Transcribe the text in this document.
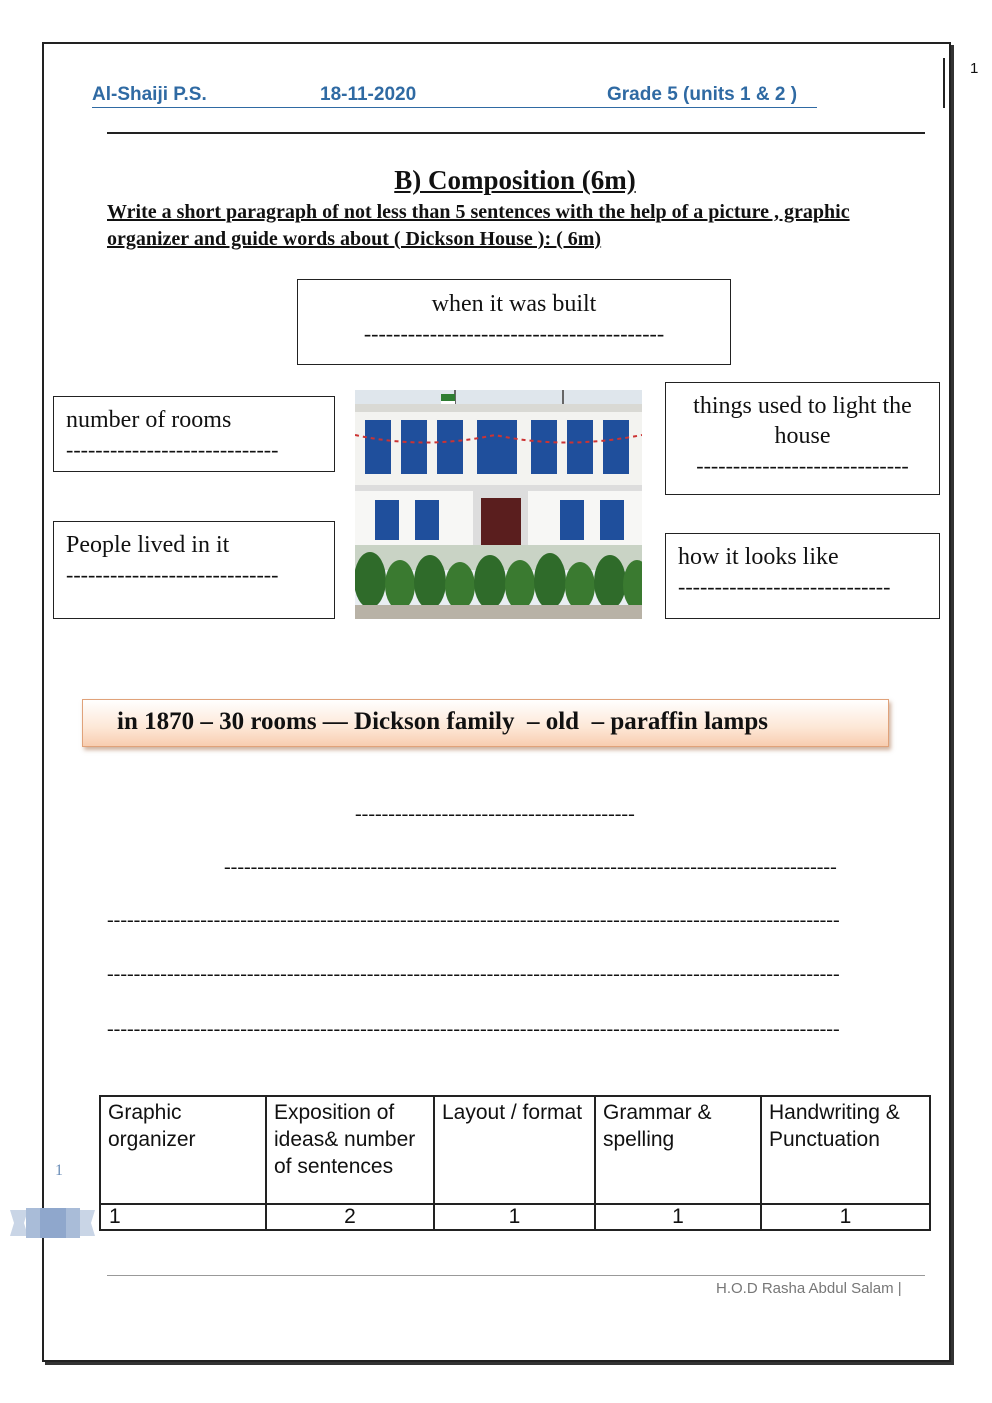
1
Al-Shaiji P.S.	18-11-2020	Grade 5 (units 1 & 2 )
B) Composition (6m)
Write a short paragraph of not less than 5 sentences with the help of a picture , graphic organizer and guide words about ( Dickson House ): ( 6m)
when it was built
-----------------------------------------
number of rooms
-----------------------------
People lived in it
-----------------------------
things used to light the house
-----------------------------
how it looks like
-----------------------------
in 1870 – 30 rooms — Dickson family  – old  – paraffin lamps
------------------------------------------
--------------------------------------------------------------------------------------------
--------------------------------------------------------------------------------------------------------------
--------------------------------------------------------------------------------------------------------------
--------------------------------------------------------------------------------------------------------------
Graphic organizer	Exposition of ideas& number of sentences	Layout / format	Grammar & spelling	Handwriting & Punctuation
1	2	1	1	1
1
H.O.D Rasha Abdul Salam |
